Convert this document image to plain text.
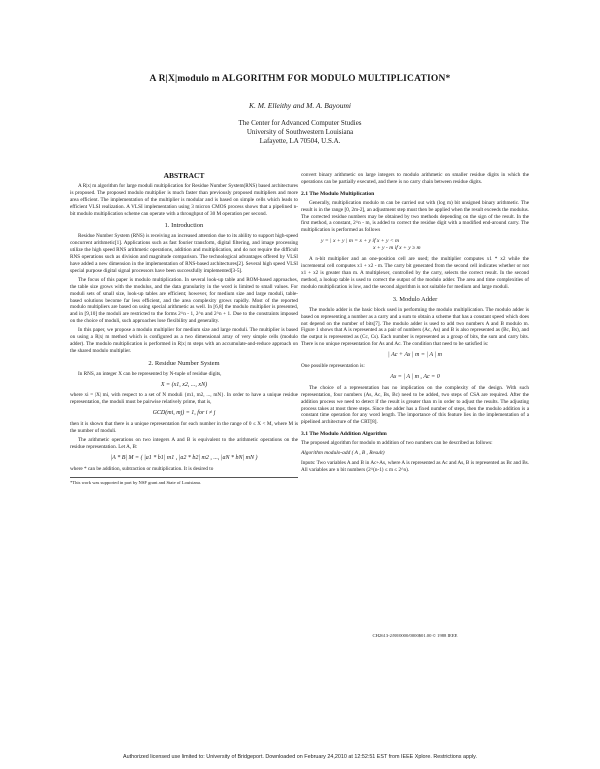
A R|X|modulo m ALGORITHM FOR MODULO MULTIPLICATION*
K. M. Elleithy and M. A. Bayoumi
The Center for Advanced Computer Studies
University of Southwestern Louisiana
Lafayette, LA 70504, U.S.A.
ABSTRACT

A R|x| m algorithm for large moduli multiplication for Residue Number System(RNS) based architectures is proposed. The proposed modulo multiplier is much faster than previously proposed multipliers and more area efficient. The implementation of the multiplier is modular and is based on simple cells which leads to efficient VLSI realization. A VLSI implementation using 3 micron CMOS process shows that a pipelined n-bit modulo multiplication scheme can operate with a throughput of 30 M operation per second.

1. Introduction

Residue Number System (RNS) is receiving an increased attention due to its ability to support high-speed concurrent arithmetic[1]. Applications such as fast fourier transform, digital filtering, and image processing utilize the high speed RNS arithmetic operations, addition and multiplication, and do not require the difficult RNS operations such as division and magnitude comparison. The technological advantages offered by VLSI have added a new dimension in the implementation of RNS-based architectures[2]. Several high speed VLSI special purpose digital signal processors have been successfully implemented[3-5].

The focus of this paper is modulo multiplication. In several look-up table and ROM-based approaches, the table size grows with the modulus, and the data granularity in the word is limited to small values. For moduli sets of small size, look-up tables are efficient; however, for medium size and large moduli, table-based solutions become far less efficient, and the area complexity grows rapidly. Most of the reported modulo multipliers are based on using special arithmetic as well. In [6,8] the modulo multiplier is presented, and in [9,10] the moduli are restricted to the forms 2^n - 1, 2^n and 2^n + 1. Due to the constraints imposed on the choice of moduli, such approaches lose flexibility and generality.

In this paper, we propose a modulo multiplier for medium size and large moduli. The multiplier is based on using a R|x| m method which is configured as a two dimensional array of very simple cells (modulo adder). The modulo multiplication is performed in R|x| m steps with an accumulate-and-reduce approach on the shared modulo multiplier.

2. Residue Number System

In RNS, an integer X can be represented by N-tuple of residue digits,

X = (x1, x2, ..., xN)

where xi = |X| mi, with respect to a set of N moduli {m1, m2, ..., mN}. In order to have a unique residue representation, the moduli must be pairwise relatively prime, that is,

GCD(mi, mj) = 1, for i ≠ j

then it is shown that there is a unique representation for each number in the range of 0 ≤ X < M, where M is the number of moduli.

The arithmetic operations on two integers A and B is equivalent to the arithmetic operations on the residue representation. Let A, B:

|A * B| M = ( |a1 * b1| m1 , |a2 * b2| m2 , ..., |aN * bN| mN )

where * can be addition, subtraction or multiplication. It is desired to

*This work was supported in part by NSF grant and State of Louisiana.

convert binary arithmetic on large integers to modulo arithmetic on smaller residue digits in which the operations can be partially executed, and there is no carry chain between residue digits.

2.1 The Modulo Multiplication

Generally, multiplication modulo m can be carried out with (log m) bit unsigned binary arithmetic. The result is in the range [0, 2m-2], an adjustment step must then be applied when the result exceeds the modulus. The corrected residue numbers may be obtained by two methods depending on the sign of the result. In the first method, a constant, 2^n - m, is added to correct the residue digit with a modified end-around carry. The multiplication is performed as follows

y = | x + y | m = x + y if x + y < m
x + y - m if x + y ≥ m

A n-bit multiplier and an one-position cell are used; the multiplier computes x1 * x2 while the incremental cell computes x1 + x2 - m. The carry bit generated from the second cell indicates whether or not x1 + x2 is greater than m. A multiplexer, controlled by the carry, selects the correct result. In the second method, a lookup table is used to correct the output of the modulo adder. The area and time complexities of modulo multiplication is low, and the second algorithm is not suitable for medium and large moduli.

3. Modulo Adder

The modulo adder is the basic block used in performing the modulo multiplication. The modulo adder is based on representing a number as a carry and a sum to obtain a scheme that has a constant speed which does not depend on the number of bits[7]. The modulo adder is used to add two numbers A and B modulo m. Figure 1 shows that A is represented as a pair of numbers (Ac, As) and B is also represented as (Bc, Bs), and the output is represented as (Cc, Cs). Each number is represented as a group of bits, the sum and carry bits. There is no unique representation for As and Ac. The condition that need to be satisfied is:

| Ac + As | m = | A | m

One possible representation is:

As = | A | m , Ac = 0

The choice of a representation has no implication on the complexity of the design. With such representation, four numbers (As, Ac, Bs, Bc) need to be added, two steps of CSA are required. After the addition process we need to detect if the result is greater than m in order to adjust the results. The adjusting process takes at most three steps. Since the adder has a fixed number of steps, then the modulo addition is a constant time operation for any word length. The importance of this feature lies in the implementation of a pipelined architecture of the CRT[8].

3.1 The Modulo Addition Algorithm

The proposed algorithm for modulo m addition of two numbers can be described as follows:

Algorithm modulo-add ( A , B , Result)

Inputs: Two variables A and B in Ac+As, where A is represented as Ac and As, B is represented as Bc and Bs. All variables are n bit numbers (2^(n-1) ≤ m ≤ 2^n).

CH2613-2/88/0000/0000$01.00 © 1988 IEEE
Authorized licensed use limited to: University of Bridgeport. Downloaded on February 24,2010 at 12:52:51 EST from IEEE Xplore. Restrictions apply.
